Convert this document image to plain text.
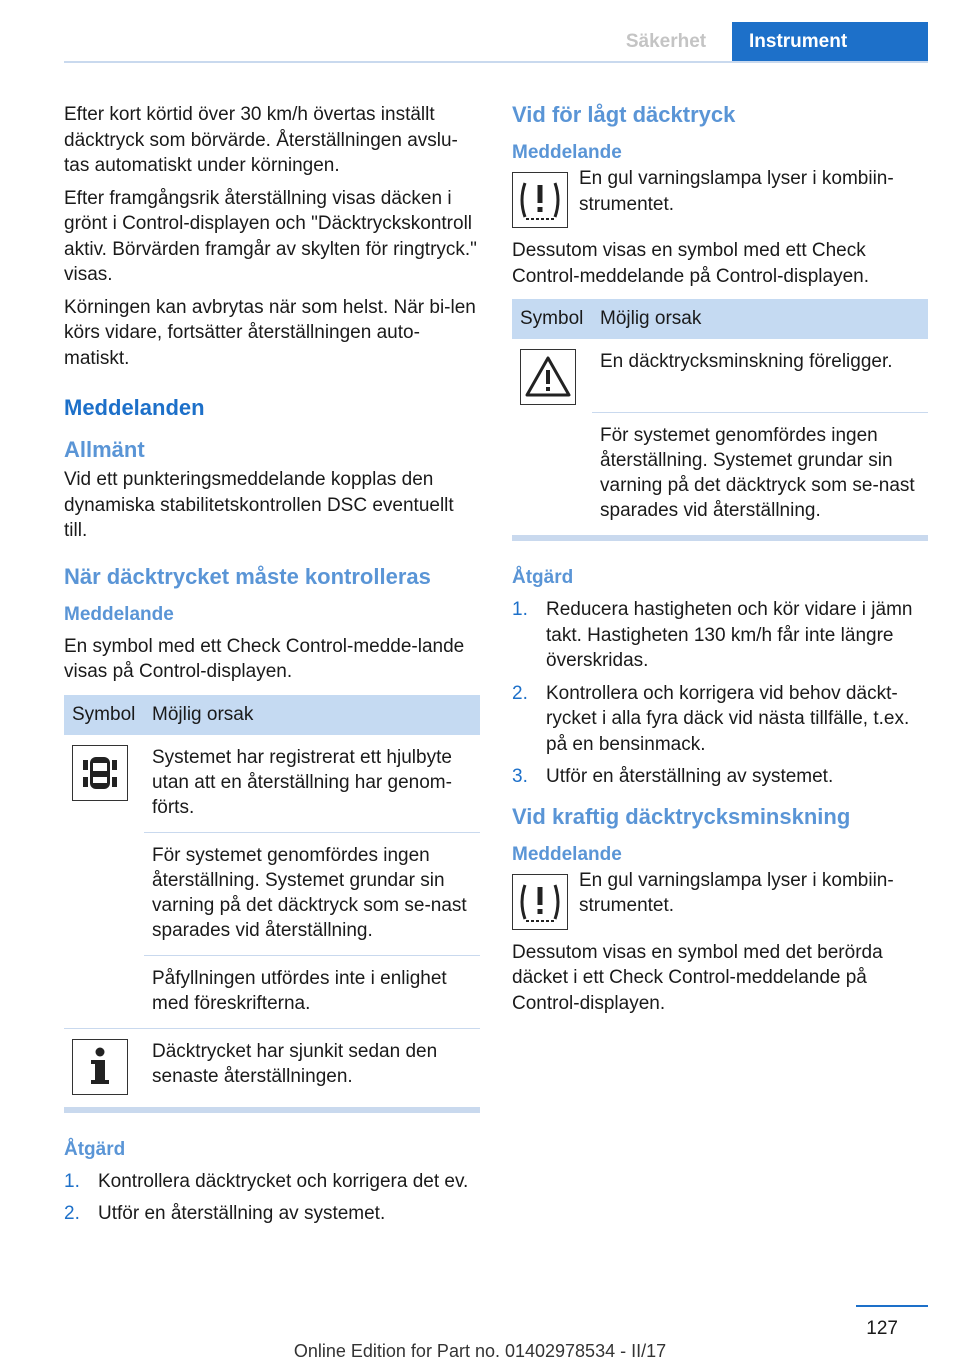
Säkerhet	Instrument

Efter kort körtid över 30 km/h övertas inställt däcktryck som börvärde. Återställningen avslu‐tas automatiskt under körningen.

Efter framgångsrik återställning visas däcken i grönt i Control-displayen och "Däcktryckskontroll aktiv. Börvärden framgår av skylten för ringtryck." visas.

Körningen kan avbrytas när som helst. När bi‐len körs vidare, fortsätter återställningen auto‐matiskt.

Meddelanden
Allmänt

Vid ett punkteringsmeddelande kopplas den dynamiska stabilitetskontrollen DSC eventuellt till.

När däcktrycket måste kontrolleras
Meddelande

En symbol med ett Check Control-medde‐lande visas på Control-displayen.

Symbol	Möjlig orsak

	Systemet har registrerat ett hjulbyte utan att en återställning har genom‐förts.
	För systemet genomfördes ingen återställning. Systemet grundar sin varning på det däcktryck som se‐nast sparades vid återställning.
	Påfyllningen utfördes inte i enlighet med föreskrifterna.

	Däcktrycket har sjunkit sedan den senaste återställningen.
Åtgärd
1. Kontrollera däcktrycket och korrigera det ev.
2. Utför en återställning av systemet.
Vid för lågt däcktryck
Meddelande
En gul varningslampa lyser i kombiin‐strumentet.

Dessutom visas en symbol med ett Check Control-meddelande på Control-displayen.

Symbol	Möjlig orsak

	En däcktrycksminskning föreligger.
	För systemet genomfördes ingen återställning. Systemet grundar sin varning på det däcktryck som se‐nast sparades vid återställning.
Åtgärd
1. Reducera hastigheten och kör vidare i jämn takt. Hastigheten 130 km/h får inte längre överskridas.
2. Kontrollera och korrigera vid behov däckt‐rycket i alla fyra däck vid nästa tillfälle, t.ex. på en bensinmack.
3. Utför en återställning av systemet.
Vid kraftig däcktrycksminskning
Meddelande
En gul varningslampa lyser i kombiin‐strumentet.

Dessutom visas en symbol med det berörda däcket i ett Check Control-meddelande på Control-displayen.

127
Online Edition for Part no. 01402978534 - II/17
